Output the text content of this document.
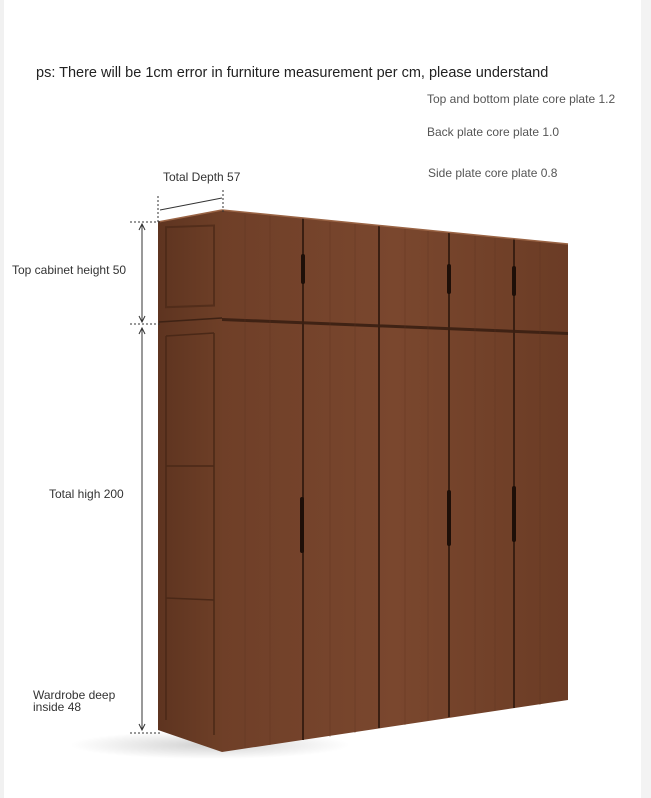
ps: There will be 1cm error in furniture measurement per cm, please understand
Top and bottom plate core plate 1.2
Back plate core plate 1.0
Side plate core plate 0.8
Total Depth 57
Top cabinet height 50
Total high 200
Wardrobe deep
inside 48
